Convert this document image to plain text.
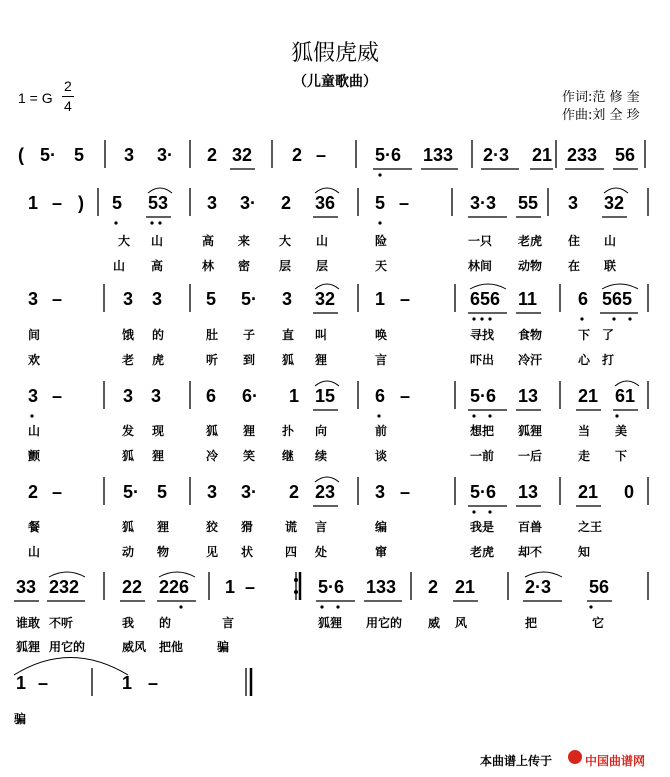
狐假虎威
（儿童歌曲）
1 = G
2
4
作词:范 修 奎
作曲:刘 全 珍
( 5· 5 3 3· 2 32 2 –	5·6 133 2·3 21 233 56
1 – ) 5 53 3 3· 2 36 5 –	3·3 55 3 32
3 –	3 3 5 5· 3 32 1 –	656 11 6 565
3 –	3 3 6 6· 1 15 6 –	5·6 13 21 61
2 –	5· 5 3 3· 2 23 3 –	5·6 13 21 0
33 232 22 226 1 –	5·6 133 2 21	2·3 56
1 –	1 –
大 山	高 来 大 山	险	一只 老虎 住 山
山 高	林 密 层 层	天	林间 动物 在 联
间	饿 的	肚 子 直 叫	唤	寻找 食物	下 了
欢	老 虎	听 到 狐 狸	言	吓出 冷汗	心 打
山	发 现	狐 狸 扑 向	前	想把 狐狸	当 美
颤	狐 狸	冷 笑 继 续	谈	一前 一后	走 下
餐	狐 狸	狡 猾	谎 言	编	我是 百兽	之王
山	动 物	见 状	四 处	窜	老虎 却不	知
谁敢 不听	我 的	言	狐狸 用它的 威 风	把	它
狐狸 用它的	威风 把他	骗
骗
本曲谱上传于	中国曲谱网
